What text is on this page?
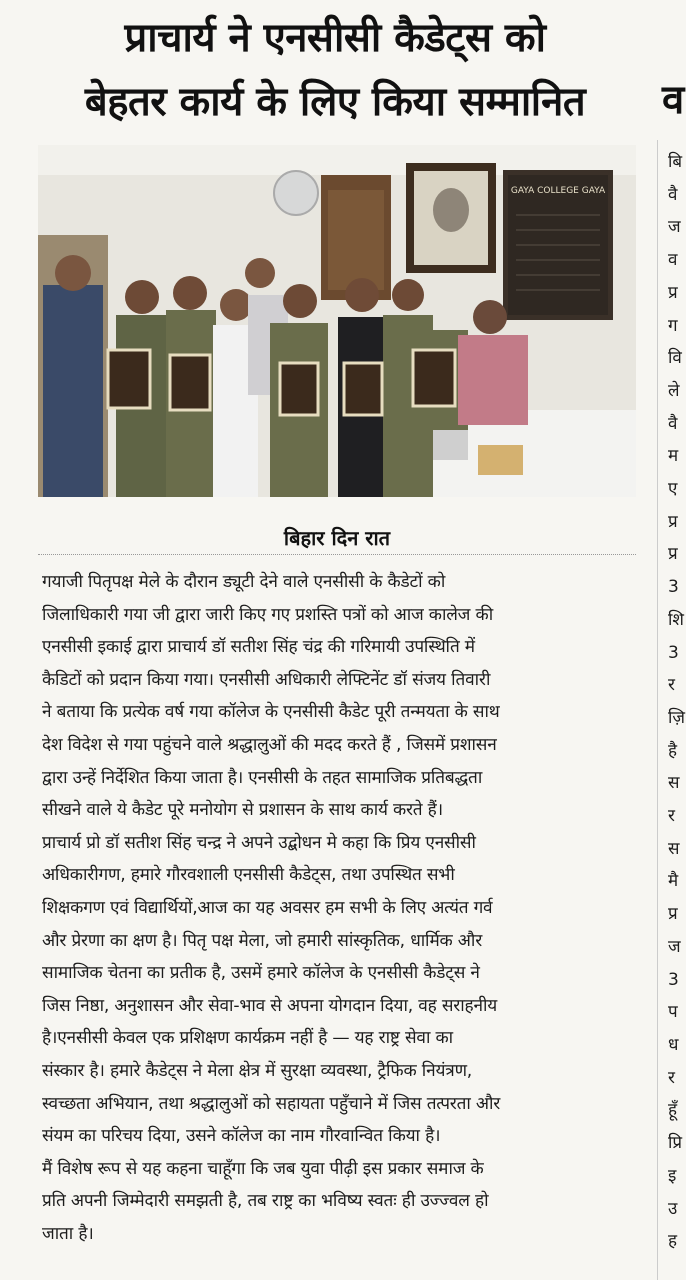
प्राचार्य ने एनसीसी कैडेट्स को
बेहतर कार्य के लिए किया सम्मानित
GAYA COLLEGE GAYA
बिहार दिन रात
गयाजी पितृपक्ष मेले के दौरान ड्यूटी देने वाले एनसीसी के कैडेटों को
जिलाधिकारी गया जी द्वारा जारी किए गए प्रशस्ति पत्रों को आज कालेज की
एनसीसी इकाई द्वारा प्राचार्य डॉ सतीश सिंह चंद्र की गरिमायी उपस्थिति में
कैडिटों को प्रदान किया गया। एनसीसी अधिकारी लेफ्टिनेंट डॉ संजय तिवारी
ने बताया कि प्रत्येक वर्ष गया कॉलेज के एनसीसी कैडेट पूरी तन्मयता के साथ
देश विदेश से गया पहुंचने वाले श्रद्धालुओं की मदद करते हैं , जिसमें प्रशासन
द्वारा उन्हें निर्देशित किया जाता है। एनसीसी के तहत सामाजिक प्रतिबद्धता
सीखने वाले ये कैडेट पूरे मनोयोग से प्रशासन के साथ कार्य करते हैं।
प्राचार्य प्रो डॉ सतीश सिंह चन्द्र ने अपने उद्बोधन मे कहा कि प्रिय एनसीसी
अधिकारीगण, हमारे गौरवशाली एनसीसी कैडेट्स, तथा उपस्थित सभी
शिक्षकगण एवं विद्यार्थियों,आज का यह अवसर हम सभी के लिए अत्यंत गर्व
और प्रेरणा का क्षण है। पितृ पक्ष मेला, जो हमारी सांस्कृतिक, धार्मिक और
सामाजिक चेतना का प्रतीक है, उसमें हमारे कॉलेज के एनसीसी कैडेट्स ने
जिस निष्ठा, अनुशासन और सेवा-भाव से अपना योगदान दिया, वह सराहनीय
है।एनसीसी केवल एक प्रशिक्षण कार्यक्रम नहीं है — यह राष्ट्र सेवा का
संस्कार है। हमारे कैडेट्स ने मेला क्षेत्र में सुरक्षा व्यवस्था, ट्रैफिक नियंत्रण,
स्वच्छता अभियान, तथा श्रद्धालुओं को सहायता पहुँचाने में जिस तत्परता और
संयम का परिचय दिया, उसने कॉलेज का नाम गौरवान्वित किया है।
मैं विशेष रूप से यह कहना चाहूँगा कि जब युवा पीढ़ी इस प्रकार समाज के
प्रति अपनी जिम्मेदारी समझती है, तब राष्ट्र का भविष्य स्वतः ही उज्ज्वल हो
जाता है।
व
बि
वै
ज
व
प्र
ग
वि
ले
वै
म
ए
प्र
प्र
3
शि
3
र
ज़ि
है
स
र
स
मै
प्र
ज
3
प
ध
र
हूँ
प्रि
इ
उ
ह
